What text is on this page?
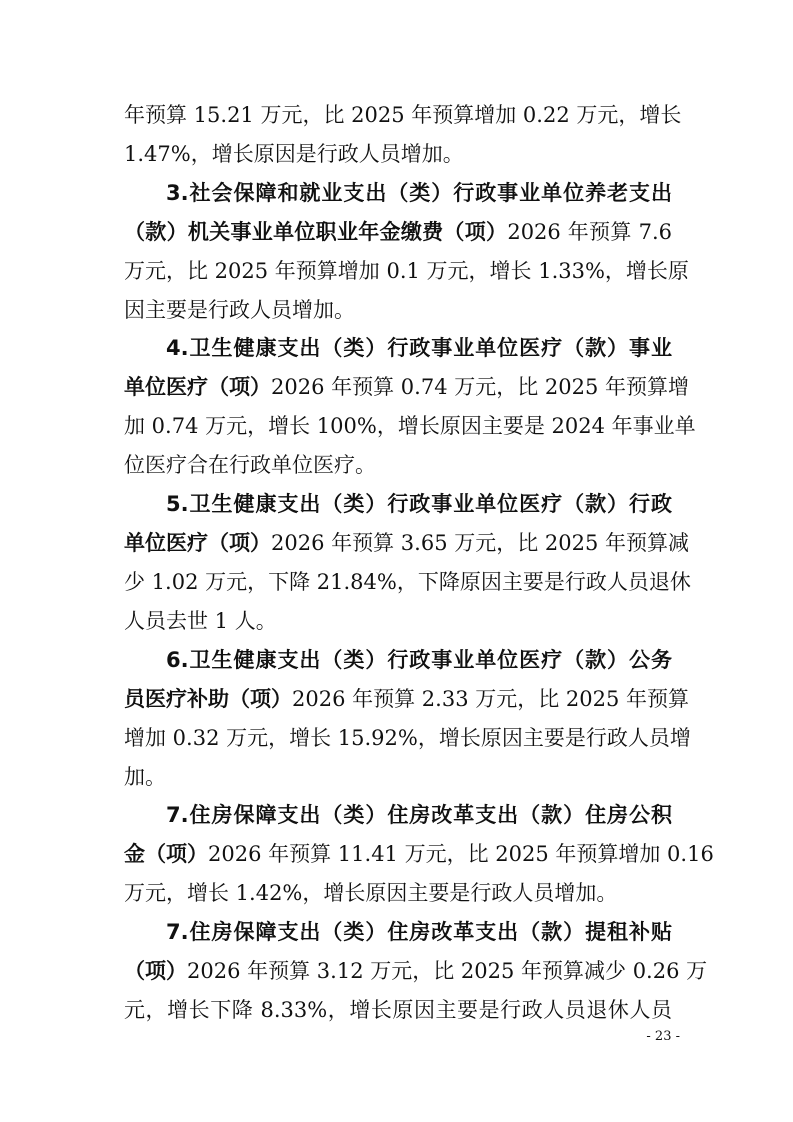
年预算 15.21 万元，比 2025 年预算增加 0.22 万元，增长
1.47%，增长原因是行政人员增加。
3.社会保障和就业支出（类）行政事业单位养老支出
（款）机关事业单位职业年金缴费（项）2026 年预算 7.6
万元，比 2025 年预算增加 0.1 万元，增长 1.33%，增长原
因主要是行政人员增加。
4.卫生健康支出（类）行政事业单位医疗（款）事业
单位医疗（项）2026 年预算 0.74 万元，比 2025 年预算增
加 0.74 万元，增长 100%，增长原因主要是 2024 年事业单
位医疗合在行政单位医疗。
5.卫生健康支出（类）行政事业单位医疗（款）行政
单位医疗（项）2026 年预算 3.65 万元，比 2025 年预算减
少 1.02 万元，下降 21.84%，下降原因主要是行政人员退休
人员去世 1 人。
6.卫生健康支出（类）行政事业单位医疗（款）公务
员医疗补助（项）2026 年预算 2.33 万元，比 2025 年预算
增加 0.32 万元，增长 15.92%，增长原因主要是行政人员增
加。
7.住房保障支出（类）住房改革支出（款）住房公积
金（项）2026 年预算 11.41 万元，比 2025 年预算增加 0.16
万元，增长 1.42%，增长原因主要是行政人员增加。
7.住房保障支出（类）住房改革支出（款）提租补贴
（项）2026 年预算 3.12 万元，比 2025 年预算减少 0.26 万
元，增长下降 8.33%，增长原因主要是行政人员退休人员
- 23 -
